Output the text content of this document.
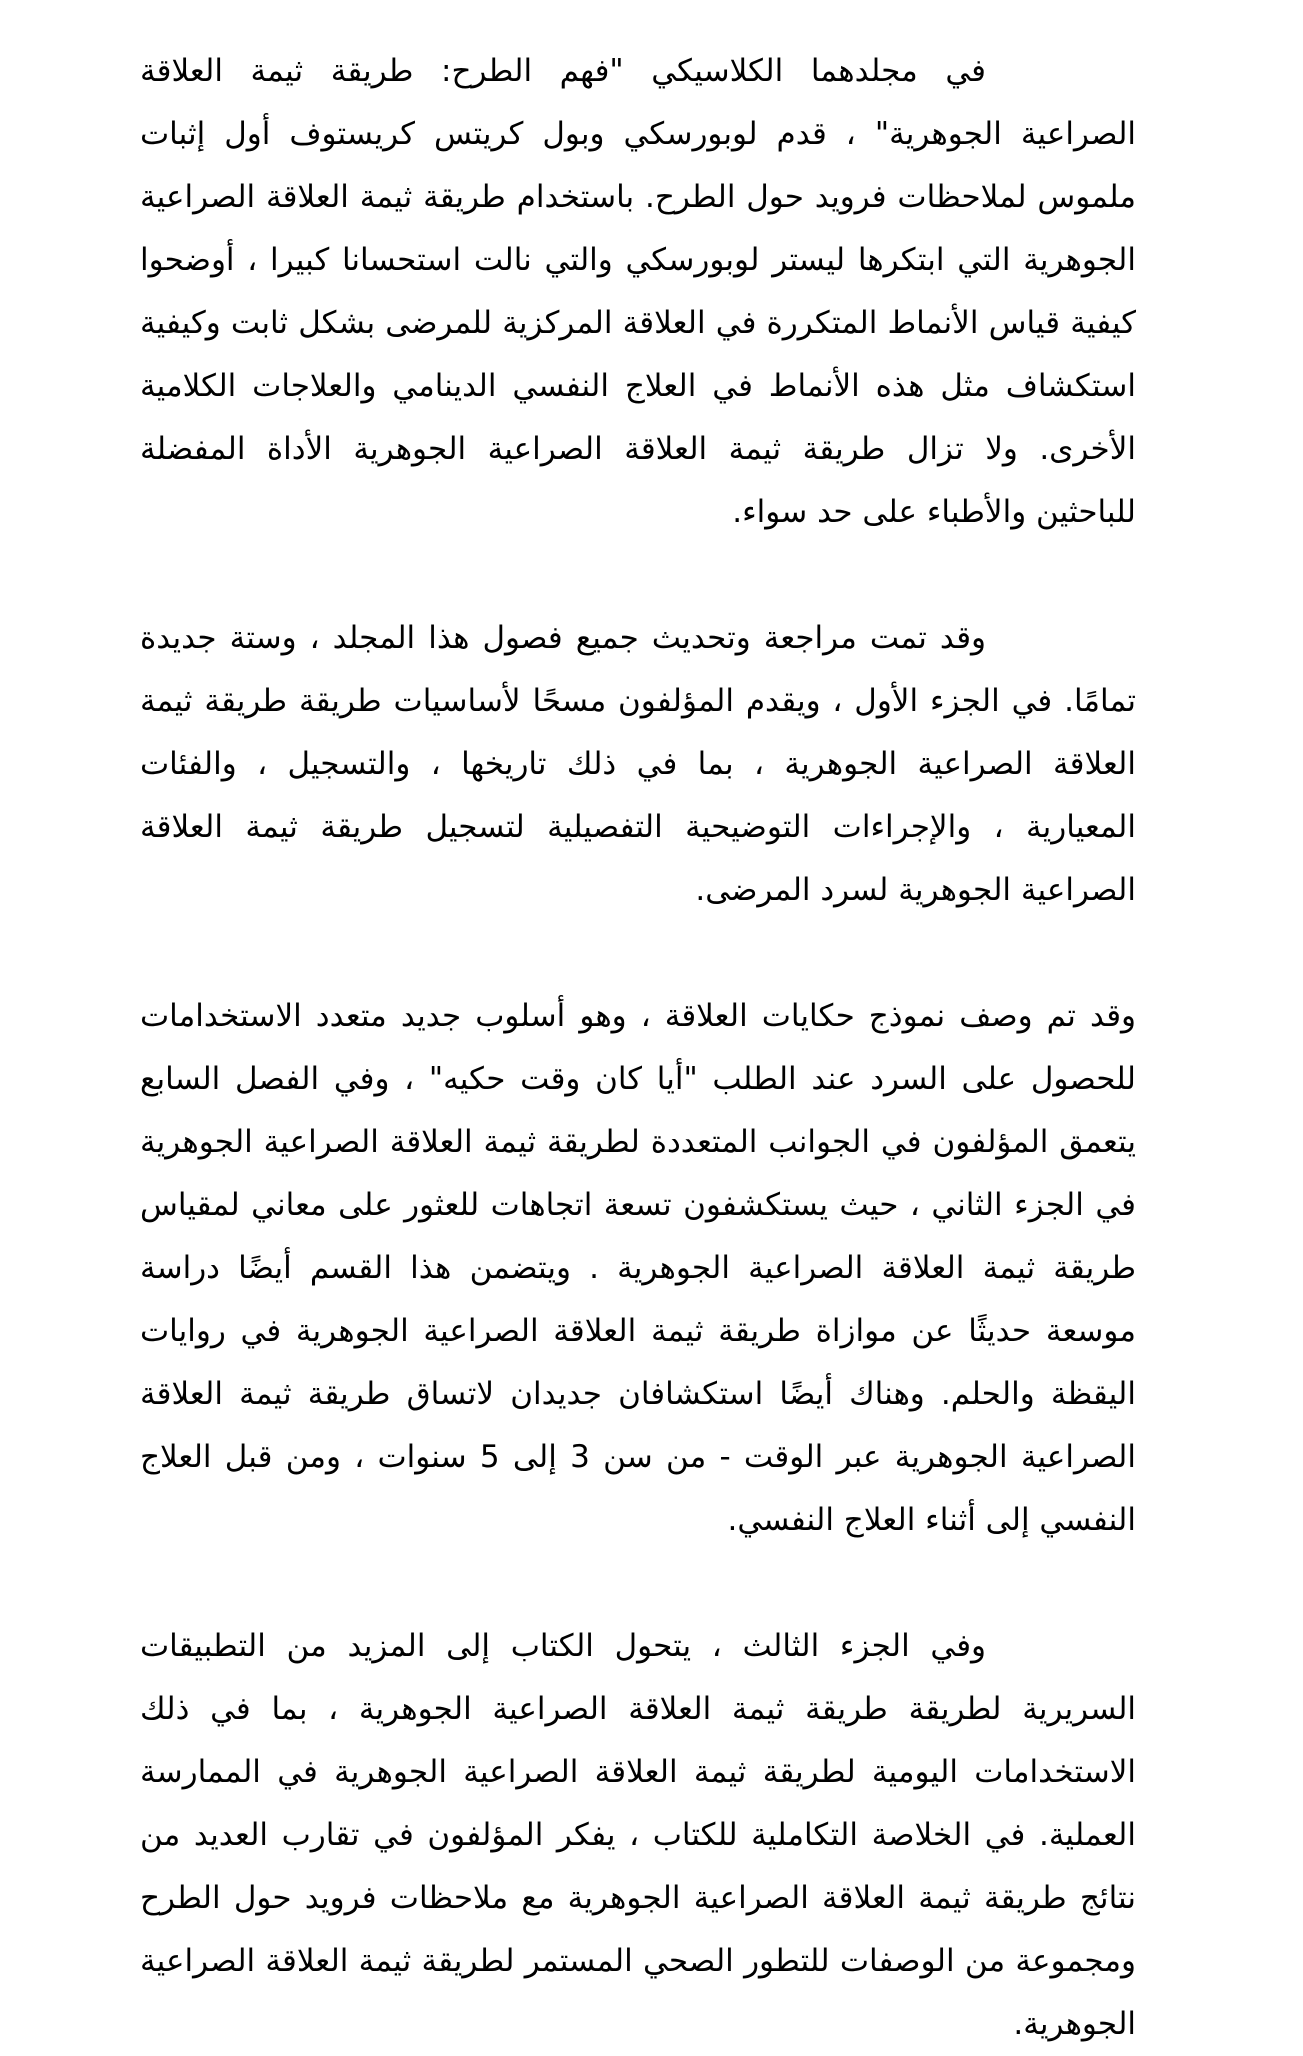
في مجلدهما الكلاسيكي "فهم الطرح: طريقة ثيمة العلاقة الصراعية الجوهرية" ، قدم لوبورسكي وبول كريتس كريستوف أول إثبات ملموس لملاحظات فرويد حول الطرح. باستخدام طريقة ثيمة العلاقة الصراعية الجوهرية التي ابتكرها ليستر لوبورسكي والتي نالت استحسانا كبيرا ، أوضحوا كيفية قياس الأنماط المتكررة في العلاقة المركزية للمرضى بشكل ثابت وكيفية استكشاف مثل هذه الأنماط في العلاج النفسي الدينامي والعلاجات الكلامية الأخرى. ولا تزال طريقة ثيمة العلاقة الصراعية الجوهرية الأداة المفضلة للباحثين والأطباء على حد سواء.

وقد تمت مراجعة وتحديث جميع فصول هذا المجلد ، وستة جديدة تمامًا. في الجزء الأول ، ويقدم المؤلفون مسحًا لأساسيات طريقة طريقة ثيمة العلاقة الصراعية الجوهرية ، بما في ذلك تاريخها ، والتسجيل ، والفئات المعيارية ، والإجراءات التوضيحية التفصيلية لتسجيل طريقة ثيمة العلاقة الصراعية الجوهرية لسرد المرضى.

وقد تم وصف نموذج حكايات العلاقة ، وهو أسلوب جديد متعدد الاستخدامات للحصول على السرد عند الطلب "أيا كان وقت حكيه" ، وفي الفصل السابع يتعمق المؤلفون في الجوانب المتعددة لطريقة ثيمة العلاقة الصراعية الجوهرية في الجزء الثاني ، حيث يستكشفون تسعة اتجاهات للعثور على معاني لمقياس طريقة ثيمة العلاقة الصراعية الجوهرية . ويتضمن هذا القسم أيضًا دراسة موسعة حديثًا عن موازاة طريقة ثيمة العلاقة الصراعية الجوهرية في روايات اليقظة والحلم. وهناك أيضًا استكشافان جديدان لاتساق طريقة ثيمة العلاقة الصراعية الجوهرية عبر الوقت - من سن 3 إلى 5 سنوات ، ومن قبل العلاج النفسي إلى أثناء العلاج النفسي.

وفي الجزء الثالث ، يتحول الكتاب إلى المزيد من التطبيقات السريرية لطريقة طريقة ثيمة العلاقة الصراعية الجوهرية ، بما في ذلك الاستخدامات اليومية لطريقة ثيمة العلاقة الصراعية الجوهرية في الممارسة العملية. في الخلاصة التكاملية للكتاب ، يفكر المؤلفون في تقارب العديد من نتائج طريقة ثيمة العلاقة الصراعية الجوهرية مع ملاحظات فرويد حول الطرح ومجموعة من الوصفات للتطور الصحي المستمر لطريقة ثيمة العلاقة الصراعية الجوهرية.
